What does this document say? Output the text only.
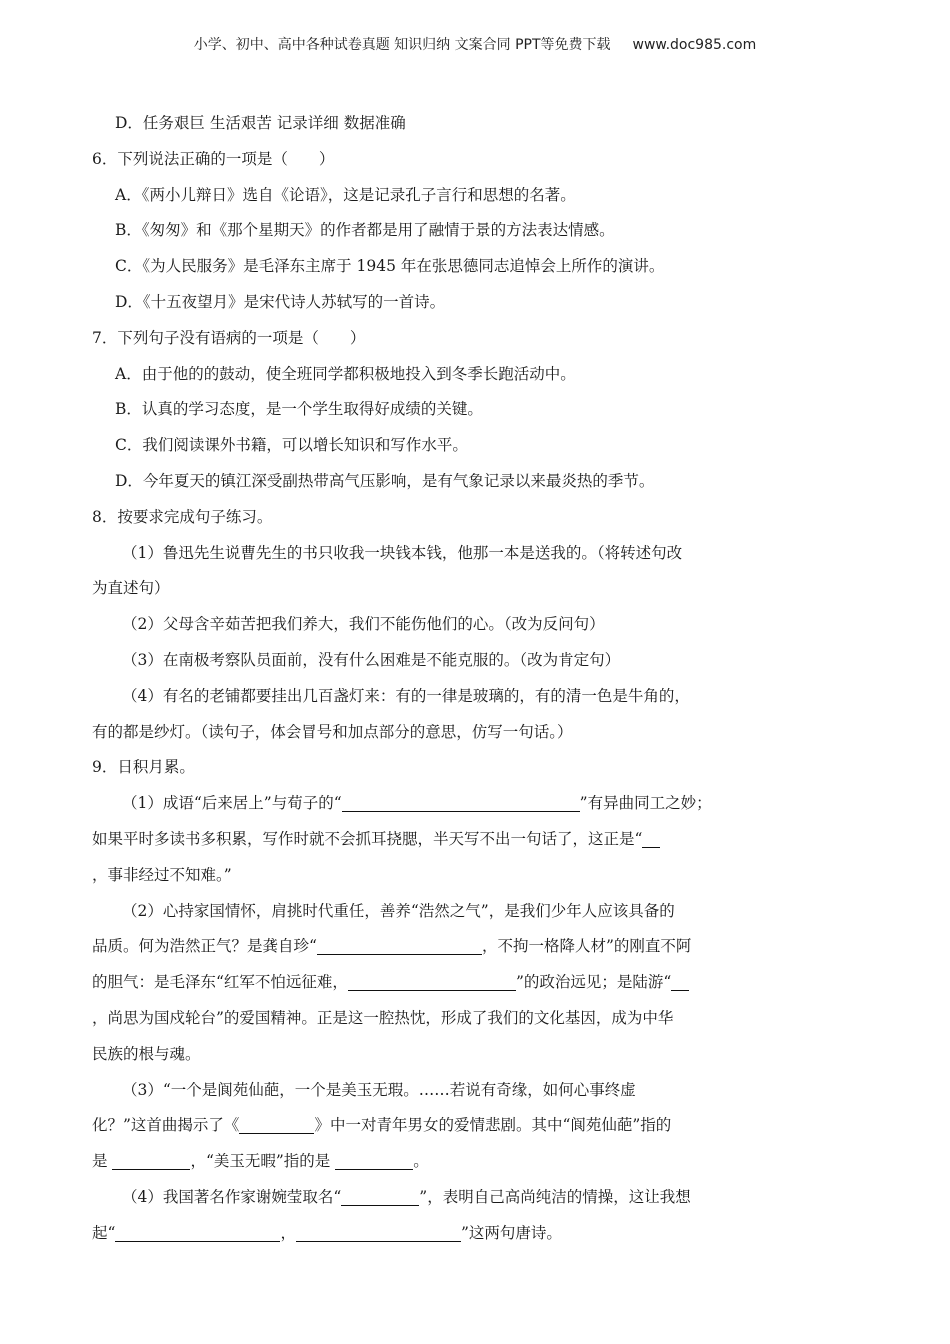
小学、初中、高中各种试卷真题 知识归纳 文案合同 PPT等免费下载 www.doc985.com
D．任务艰巨 生活艰苦 记录详细 数据准确
6．下列说法正确的一项是（　　）
A．《两小儿辩日》选自《论语》，这是记录孔子言行和思想的名著。
B．《匆匆》和《那个星期天》的作者都是用了融情于景的方法表达情感。
C．《为人民服务》是毛泽东主席于 1945 年在张思德同志追悼会上所作的演讲。
D．《十五夜望月》是宋代诗人苏轼写的一首诗。
7．下列句子没有语病的一项是（　　）
A．由于他的的鼓动，使全班同学都积极地投入到冬季长跑活动中。
B．认真的学习态度，是一个学生取得好成绩的关键。
C．我们阅读课外书籍，可以增长知识和写作水平。
D．今年夏天的镇江深受副热带高气压影响，是有气象记录以来最炎热的季节。
8．按要求完成句子练习。
（1）鲁迅先生说曹先生的书只收我一块钱本钱，他那一本是送我的。（将转述句改
为直述句）
（2）父母含辛茹苦把我们养大，我们不能伤他们的心。（改为反问句）
（3）在南极考察队员面前，没有什么困难是不能克服的。（改为肯定句）
（4）有名的老铺都要挂出几百盏灯来：有的一律是玻璃的，有的清一色是牛角的，
有的都是纱灯。（读句子，体会冒号和加点部分的意思，仿写一句话。）
9．日积月累。
（1）成语“后来居上”与荀子的“	”有异曲同工之妙；
如果平时多读书多积累，写作时就不会抓耳挠腮，半天写不出一句话了，这正是“
，事非经过不知难。”
（2）心持家国情怀，肩挑时代重任，善养“浩然之气”，是我们少年人应该具备的
品质。何为浩然正气？是龚自珍“	，不拘一格降人材”的刚直不阿
的胆气：是毛泽东“红军不怕远征难，	”的政治远见；是陆游“
，尚思为国戍轮台”的爱国精神。正是这一腔热忱，形成了我们的文化基因，成为中华
民族的根与魂。
（3）“一个是阆苑仙葩，一个是美玉无瑕。……若说有奇缘，如何心事终虚
化？”这首曲揭示了《	》中一对青年男女的爱情悲剧。其中“阆苑仙葩”指的
是	，“美玉无暇”指的是	。
（4）我国著名作家谢婉莹取名“	”，表明自己高尚纯洁的情操，这让我想
起“	，	”这两句唐诗。
